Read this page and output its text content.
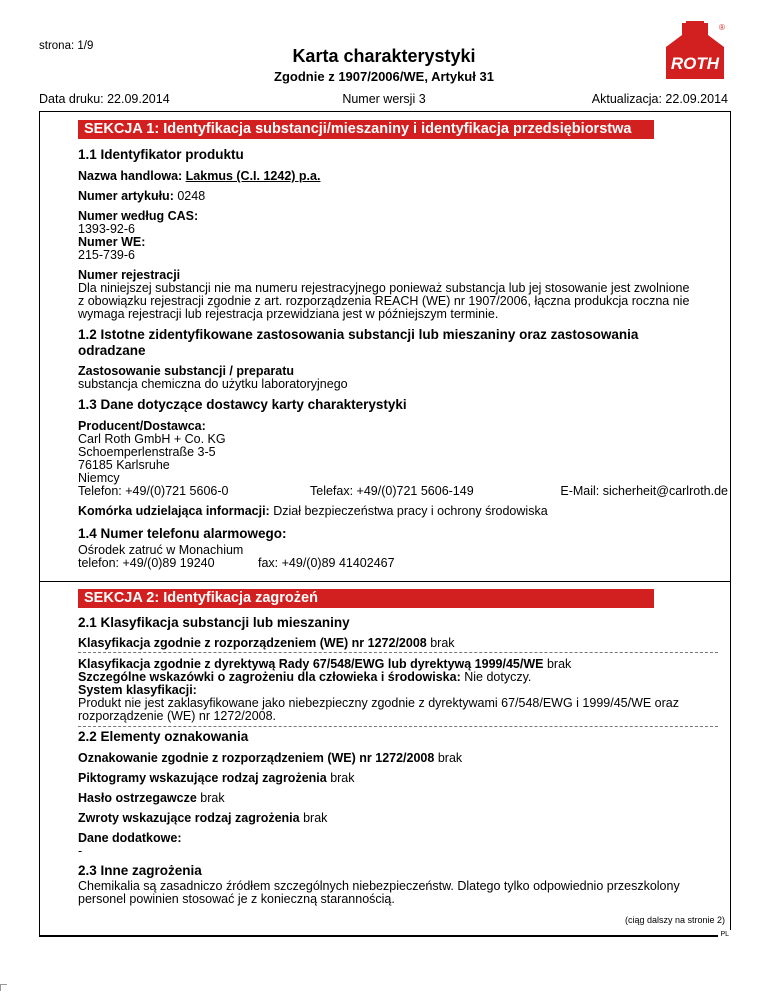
strona: 1/9	Karta charakterystyki
Zgodnie z 1907/2006/WE, Artykuł 31
Data druku: 22.09.2014	Numer wersji 3	Aktualizacja: 22.09.2014
ROTH
®
SEKCJA 1: Identyfikacja substancji/mieszaniny i identyfikacja przedsiębiorstwa
1.1 Identyfikator produktu
Nazwa handlowa: Lakmus (C.I. 1242) p.a.
Numer artykułu: 0248
Numer według CAS:
1393-92-6
Numer WE:
215-739-6
Numer rejestracji
Dla niniejszej substancji nie ma numeru rejestracyjnego ponieważ substancja lub jej stosowanie jest zwolnione
z obowiązku rejestracji zgodnie z art. rozporządzenia REACH (WE) nr 1907/2006, łączna produkcja roczna nie
wymaga rejestracji lub rejestracja przewidziana jest w późniejszym terminie.
1.2 Istotne zidentyfikowane zastosowania substancji lub mieszaniny oraz zastosowania
odradzane
Zastosowanie substancji / preparatu
substancja chemiczna do użytku laboratoryjnego
1.3 Dane dotyczące dostawcy karty charakterystyki
Producent/Dostawca:
Carl Roth GmbH + Co. KG
Schoemperlenstraße 3-5
76185 Karlsruhe
Niemcy
Telefon: +49/(0)721 5606-0	Telefax: +49/(0)721 5606-149	E-Mail: sicherheit@carlroth.de
Komórka udzielająca informacji: Dział bezpieczeństwa pracy i ochrony środowiska
1.4 Numer telefonu alarmowego:
Ośrodek zatruć w Monachium
telefon: +49/(0)89 19240	fax: +49/(0)89 41402467
SEKCJA 2: Identyfikacja zagrożeń
2.1 Klasyfikacja substancji lub mieszaniny
Klasyfikacja zgodnie z rozporządzeniem (WE) nr 1272/2008 brak
Klasyfikacja zgodnie z dyrektywą Rady 67/548/EWG lub dyrektywą 1999/45/WE brak
Szczególne wskazówki o zagrożeniu dla człowieka i środowiska: Nie dotyczy.
System klasyfikacji:
Produkt nie jest zaklasyfikowane jako niebezpieczny zgodnie z dyrektywami 67/548/EWG i 1999/45/WE oraz
rozporządzenie (WE) nr 1272/2008.
2.2 Elementy oznakowania
Oznakowanie zgodnie z rozporządzeniem (WE) nr 1272/2008 brak
Piktogramy wskazujące rodzaj zagrożenia brak
Hasło ostrzegawcze brak
Zwroty wskazujące rodzaj zagrożenia brak
Dane dodatkowe:
-
2.3 Inne zagrożenia
Chemikalia są zasadniczo źródłem szczególnych niebezpieczeństw. Dlatego tylko odpowiednio przeszkolony
personel powinien stosować je z konieczną starannością.
(ciąg dalszy na stronie 2)
PL
